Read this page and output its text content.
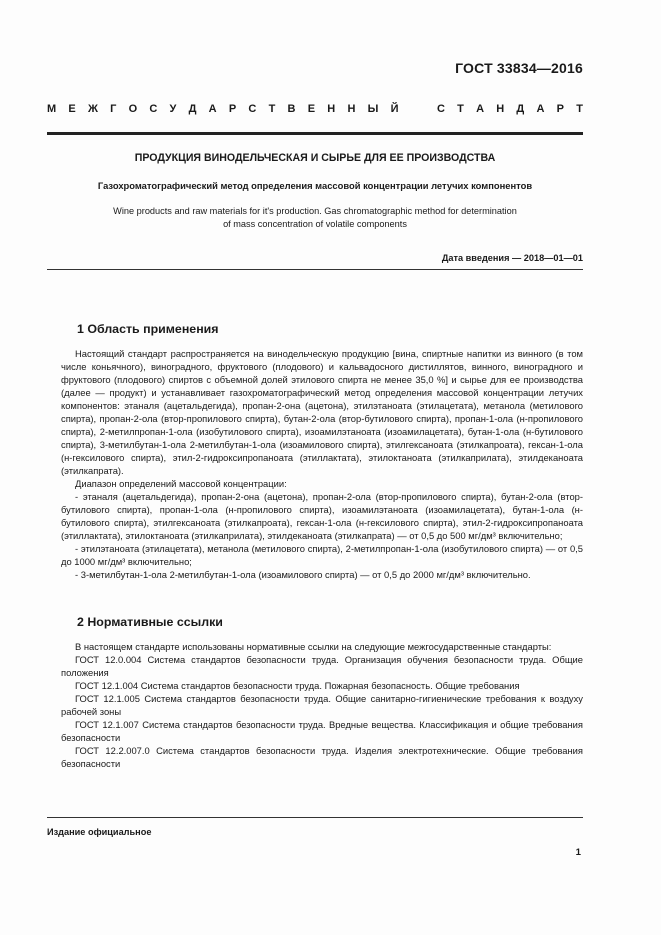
ГОСТ 33834—2016
М Е Ж Г О С У Д А Р С Т В Е Н Н Ы Й	С Т А Н Д А Р Т
ПРОДУКЦИЯ ВИНОДЕЛЬЧЕСКАЯ И СЫРЬЕ ДЛЯ ЕЕ ПРОИЗВОДСТВА
Газохроматографический метод определения массовой концентрации летучих компонентов
Wine products and raw materials for it's production. Gas chromatographic method for determination
of mass concentration of volatile components
Дата введения — 2018—01—01
1 Область применения

Настоящий стандарт распространяется на винодельческую продукцию [вина, спиртные напитки из винного (в том числе коньячного), виноградного, фруктового (плодового) и кальвадосного дистиллятов, винного, виноградного и фруктового (плодового) спиртов с объемной долей этилового спирта не менее 35,0 %] и сырье для ее производства (далее — продукт) и устанавливает газохроматографический метод определения массовой концентрации летучих компонентов: этаналя (ацетальдегида), пропан-2-она (ацетона), этилэтаноата (этилацетата), метанола (метилового спирта), пропан-2-ола (втор-пропилового спирта), бутан-2-ола (втор-бутилового спирта), пропан-1-ола (н-пропилового спирта), 2-метилпропан-1-ола (изобутилового спирта), изоамилэтаноата (изоамилацетата), бутан-1-ола (н-бутилового спирта), 3-метилбутан-1-ола 2-метилбутан-1-ола (изоамилового спирта), этилгексаноата (этилкапроата), гексан-1-ола (н-гексилового спирта), этил-2-гидроксипропаноата (этиллактата), этилоктаноата (этилкаприлата), этилдеканоата (этилкапрата).

Диапазон определений массовой концентрации:

- этаналя (ацетальдегида), пропан-2-она (ацетона), пропан-2-ола (втор-пропилового спирта), бутан-2-ола (втор-бутилового спирта), пропан-1-ола (н-пропилового спирта), изоамилэтаноата (изоамилацетата), бутан-1-ола (н-бутилового спирта), этилгексаноата (этилкапроата), гексан-1-ола (н-гексилового спирта), этил-2-гидроксипропаноата (этиллактата), этилоктаноата (этилкаприлата), этилдеканоата (этилкапрата) — от 0,5 до 500 мг/дм³ включительно;

- этилэтаноата (этилацетата), метанола (метилового спирта), 2-метилпропан-1-ола (изобутилового спирта) — от 0,5 до 1000 мг/дм³ включительно;

- 3-метилбутан-1-ола 2-метилбутан-1-ола (изоамилового спирта) — от 0,5 до 2000 мг/дм³ включительно.

2 Нормативные ссылки

В настоящем стандарте использованы нормативные ссылки на следующие межгосударственные стандарты:

ГОСТ 12.0.004 Система стандартов безопасности труда. Организация обучения безопасности труда. Общие положения

ГОСТ 12.1.004 Система стандартов безопасности труда. Пожарная безопасность. Общие требования

ГОСТ 12.1.005 Система стандартов безопасности труда. Общие санитарно-гигиенические требования к воздуху рабочей зоны

ГОСТ 12.1.007 Система стандартов безопасности труда. Вредные вещества. Классификация и общие требования безопасности

ГОСТ 12.2.007.0 Система стандартов безопасности труда. Изделия электротехнические. Общие требования безопасности

Издание официальное
1
